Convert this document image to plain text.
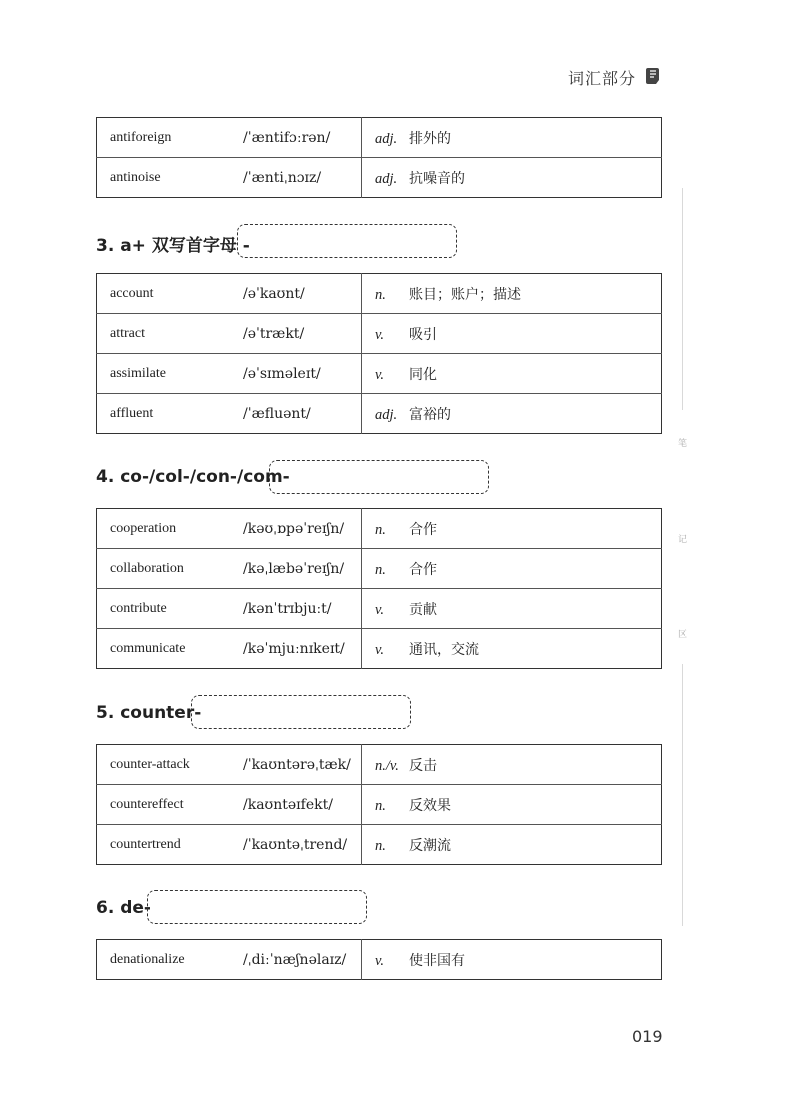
词汇部分
笔
记
区
antiforeign	/ˈæntifɔːrən/	adj. 排外的
antinoise	/ˈæntiˌnɔɪz/	adj. 抗噪音的
3. a+ 双写首字母 -
account	/əˈkaʊnt/	n. 账目；账户；描述
attract	/əˈtrækt/	v. 吸引
assimilate	/əˈsɪməleɪt/	v. 同化
affluent	/ˈæfluənt/	adj. 富裕的
4. co-/col-/con-/com-
cooperation	/kəʊˌɒpəˈreɪʃn/	n. 合作
collaboration	/kəˌlæbəˈreɪʃn/	n. 合作
contribute	/kənˈtrɪbjuːt/	v. 贡献
communicate	/kəˈmjuːnɪkeɪt/	v. 通讯，交流
5. counter-
counter-attack	/ˈkaʊntərəˌtæk/	n./v. 反击
countereffect	/kaʊntəɪfekt/	n. 反效果
countertrend	/ˈkaʊntəˌtrend/	n. 反潮流
6. de-
denationalize	/ˌdiːˈnæʃnəlaɪz/	v. 使非国有
019
